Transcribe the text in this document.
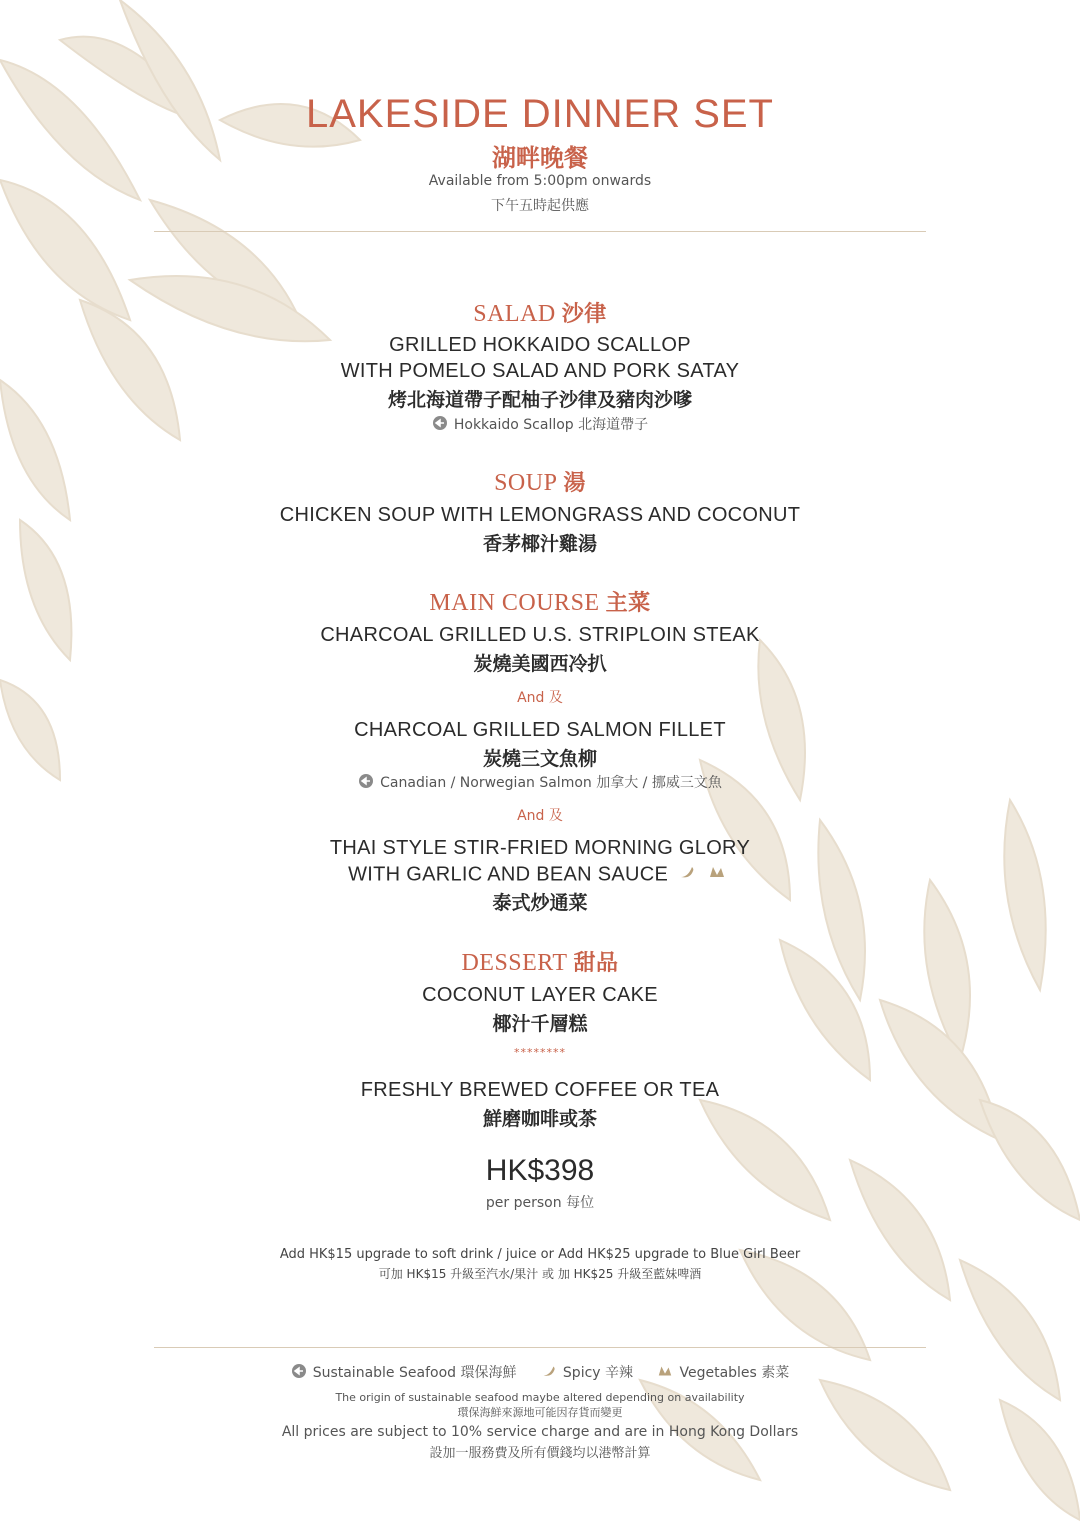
LAKESIDE DINNER SET
湖畔晚餐
Available from 5:00pm onwards
下午五時起供應
SALAD 沙律
GRILLED HOKKAIDO SCALLOP
WITH POMELO SALAD AND PORK SATAY
烤北海道帶子配柚子沙律及豬肉沙嗲
Hokkaido Scallop 北海道帶子
SOUP 湯
CHICKEN SOUP WITH LEMONGRASS AND COCONUT
香茅椰汁雞湯
MAIN COURSE 主菜
CHARCOAL GRILLED U.S. STRIPLOIN STEAK
炭燒美國西冷扒
And 及
CHARCOAL GRILLED SALMON FILLET
炭燒三文魚柳
Canadian / Norwegian Salmon 加拿大 / 挪威三文魚
And 及
THAI STYLE STIR-FRIED MORNING GLORY
WITH GARLIC AND BEAN SAUCE
泰式炒通菜
DESSERT 甜品
COCONUT LAYER CAKE
椰汁千層糕
********
FRESHLY BREWED COFFEE OR TEA
鮮磨咖啡或茶
HK$398
per person 每位
Add HK$15 upgrade to soft drink / juice or Add HK$25 upgrade to Blue Girl Beer
可加 HK$15 升級至汽水/果汁 或 加 HK$25 升級至藍妹啤酒
Sustainable Seafood 環保海鮮	Spicy 辛辣	Vegetables 素菜
The origin of sustainable seafood maybe altered depending on availability
環保海鮮來源地可能因存貨而變更
All prices are subject to 10% service charge and are in Hong Kong Dollars
設加一服務費及所有價錢均以港幣計算
